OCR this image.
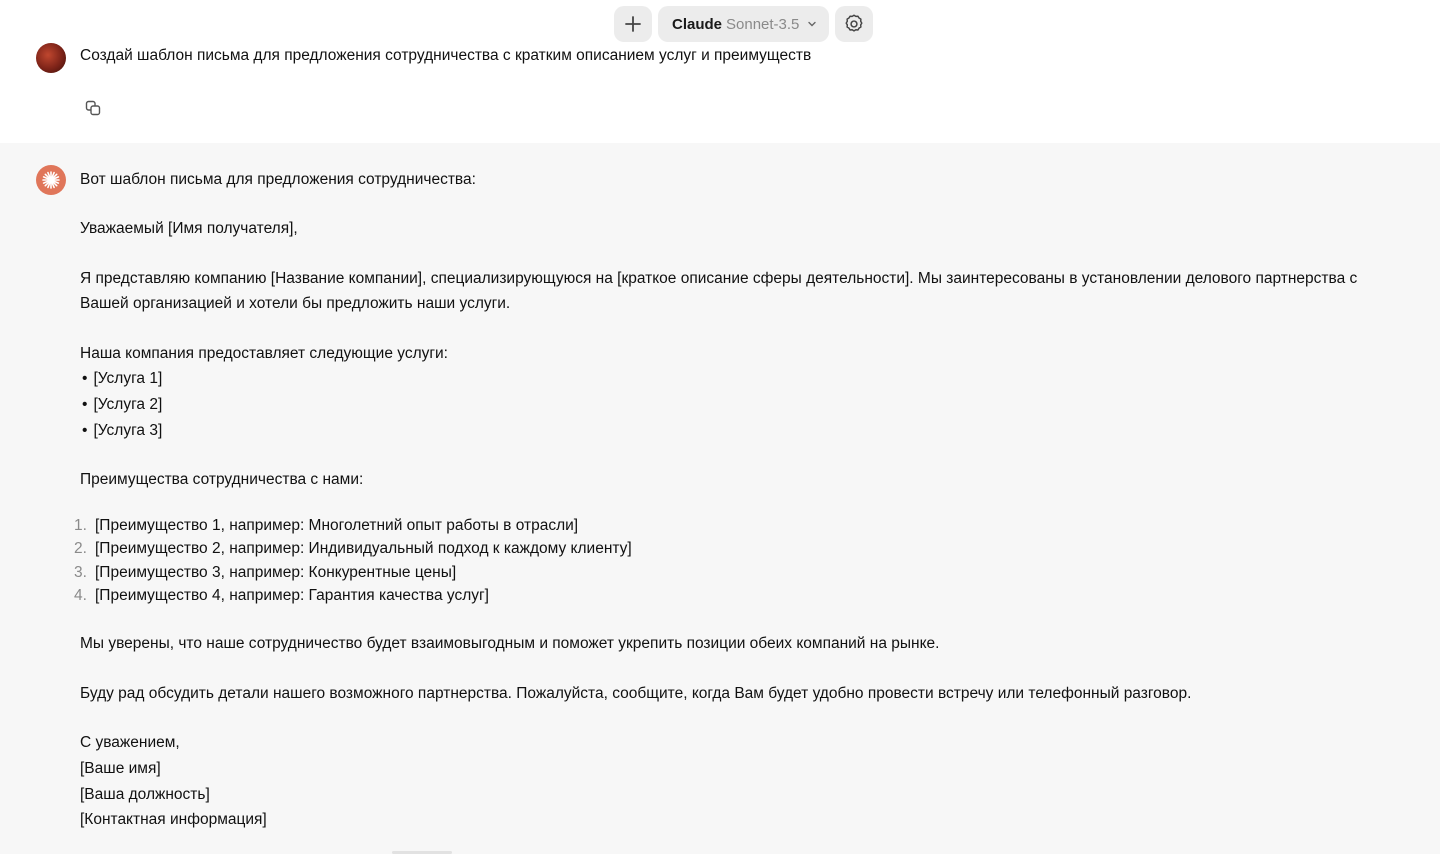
Создай шаблон письма для предложения сотрудничества с кратким описанием услуг и преимуществ
Claude Sonnet-3.5

Вот шаблон письма для предложения сотрудничества:

Уважаемый [Имя получателя],

Я представляю компанию [Название компании], специализирующуюся на [краткое описание сферы деятельности]. Мы заинтересованы в установлении делового партнерства с Вашей организацией и хотели бы предложить наши услуги.

Наша компания предоставляет следующие услуги:

• [Услуга 1]
• [Услуга 2]
• [Услуга 3]

Преимущества сотрудничества с нами:

1. [Преимущество 1, например: Многолетний опыт работы в отрасли]
2. [Преимущество 2, например: Индивидуальный подход к каждому клиенту]
3. [Преимущество 3, например: Конкурентные цены]
4. [Преимущество 4, например: Гарантия качества услуг]

Мы уверены, что наше сотрудничество будет взаимовыгодным и поможет укрепить позиции обеих компаний на рынке.

Буду рад обсудить детали нашего возможного партнерства. Пожалуйста, сообщите, когда Вам будет удобно провести встречу или телефонный разговор.

С уважением,

[Ваше имя]

[Ваша должность]

[Контактная информация]
